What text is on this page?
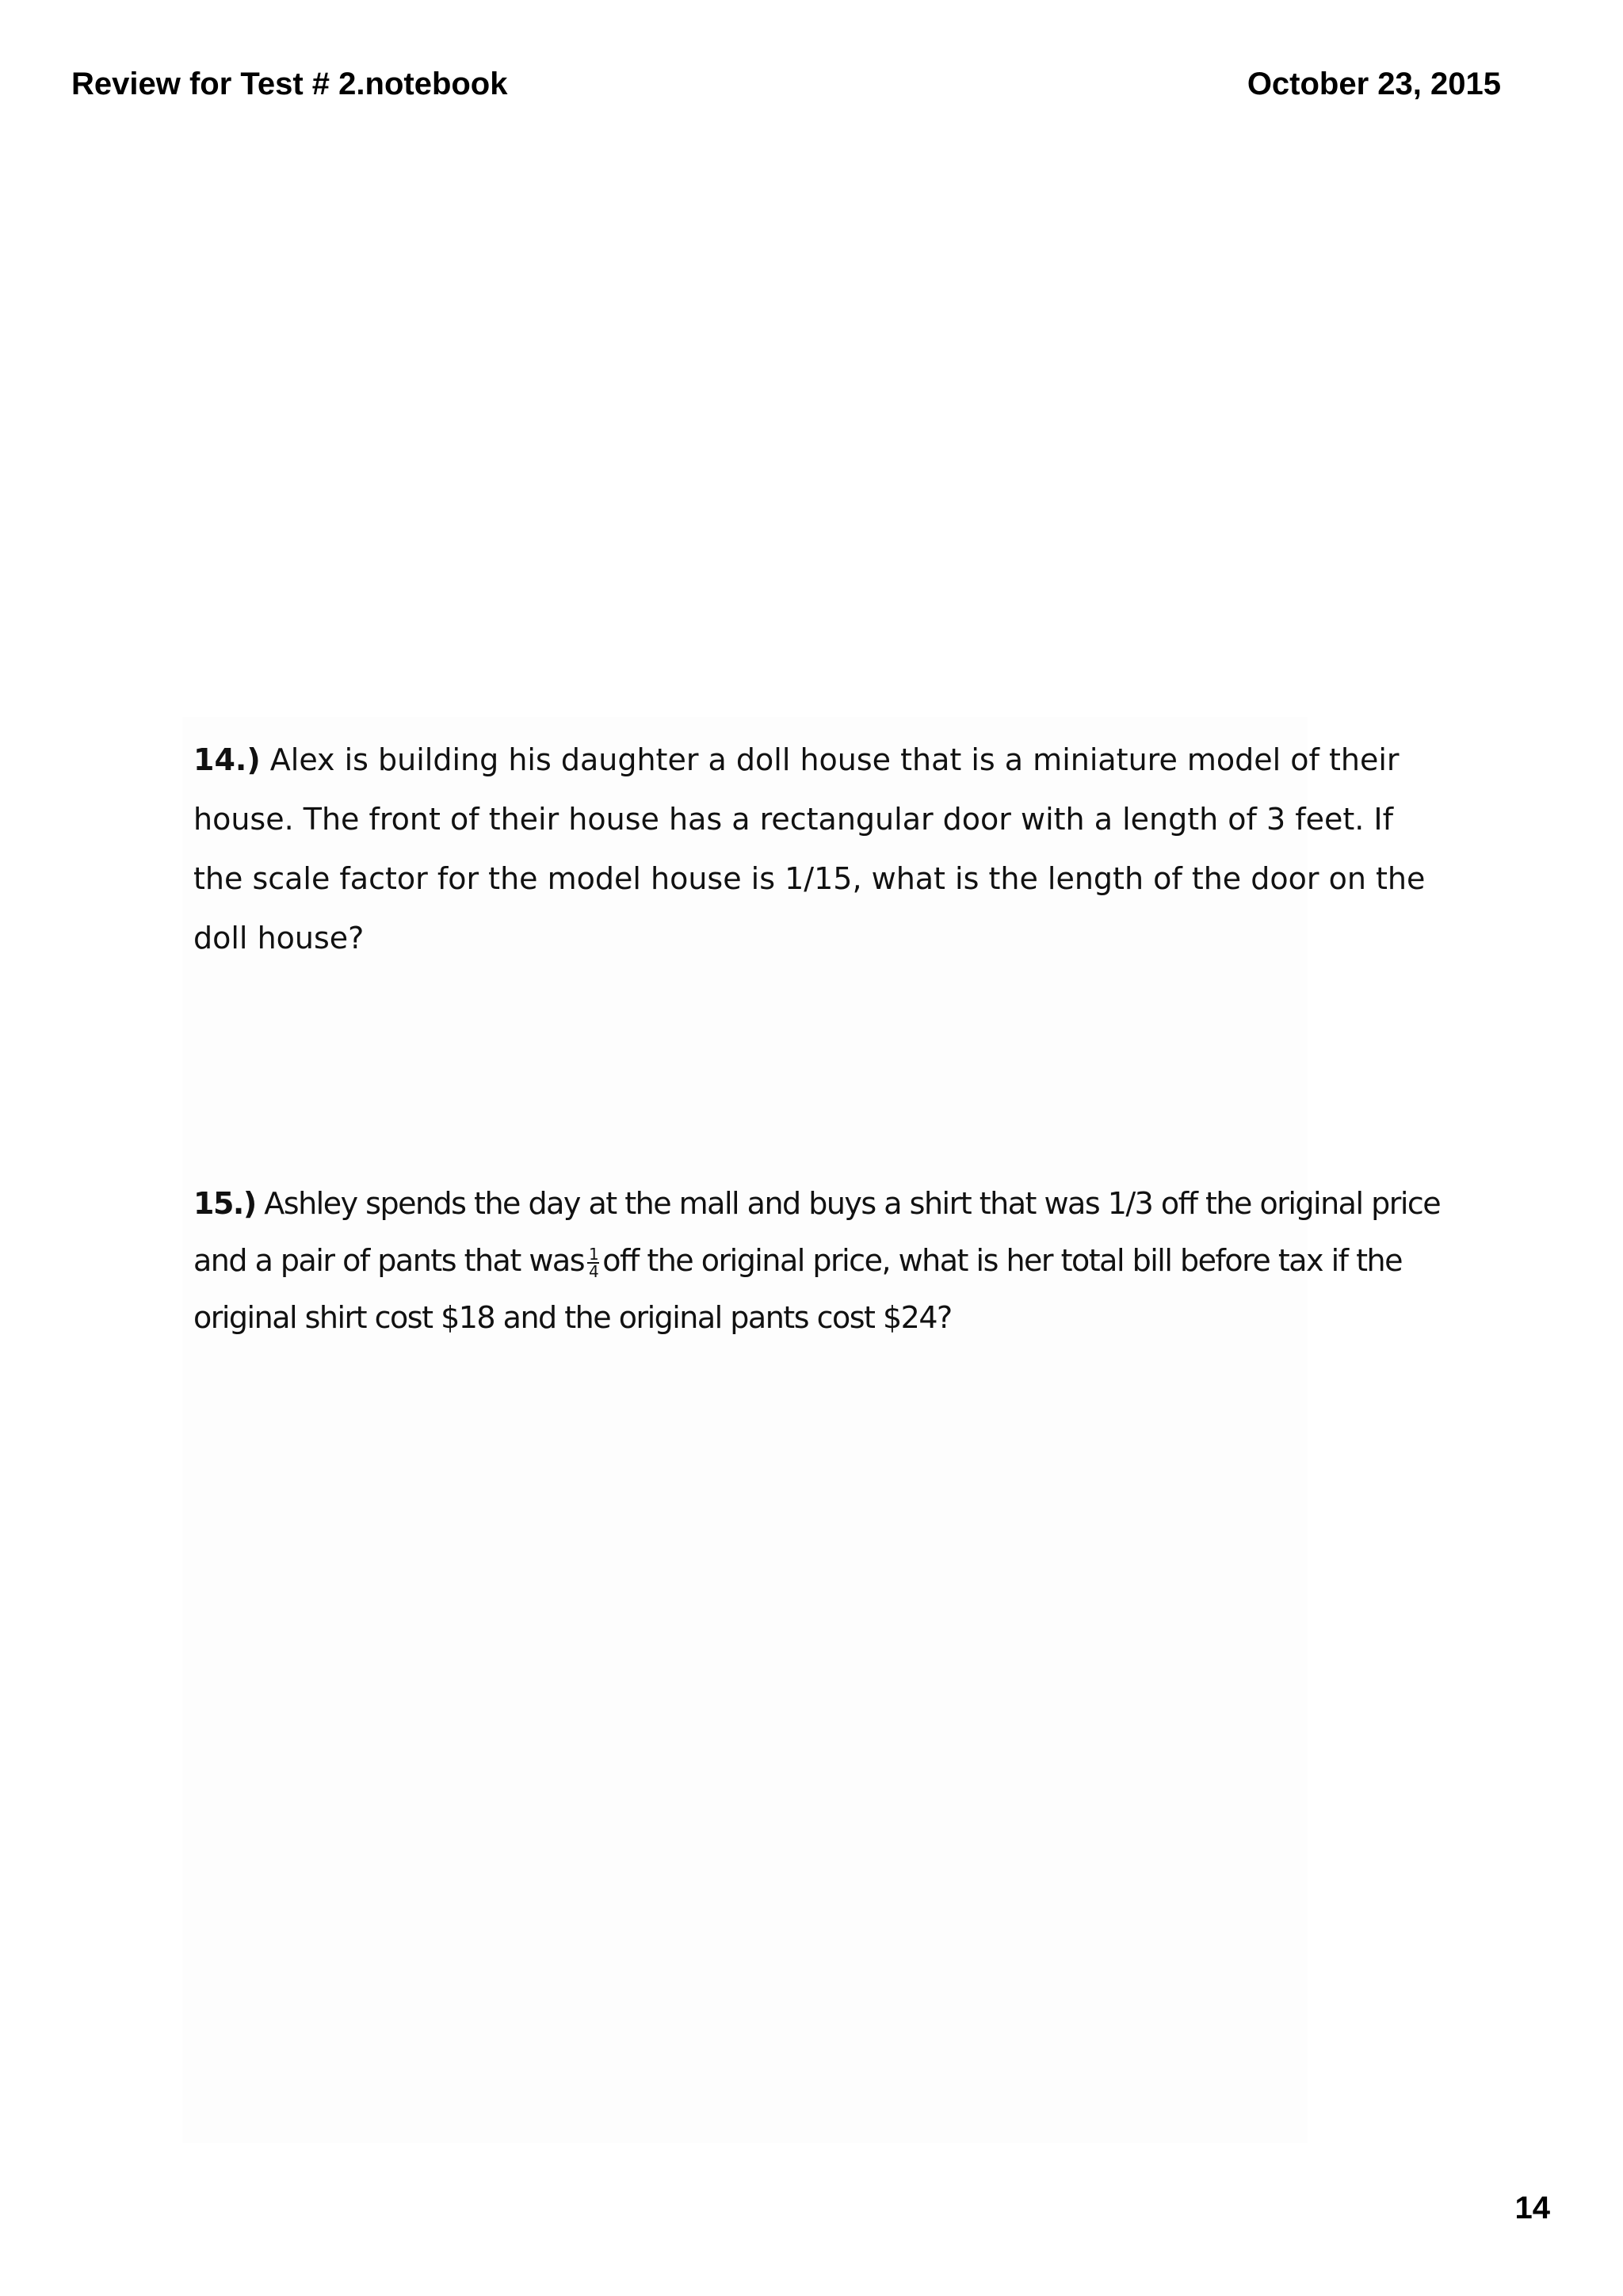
Review for Test # 2.notebook	October 23, 2015
14.) Alex is building his daughter a doll house that is a miniature model of their
house. The front of their house has a rectangular door with a length of 3 feet. If
the scale factor for the model house is 1/15, what is the length of the door on the
doll house?
15.) Ashley spends the day at the mall and buys a shirt that was 1/3 off the original price
and a pair of pants that was $\frac{1}{4}$ off the original price, what is her total bill before tax if the
original shirt cost $18 and the original pants cost $24?
14
